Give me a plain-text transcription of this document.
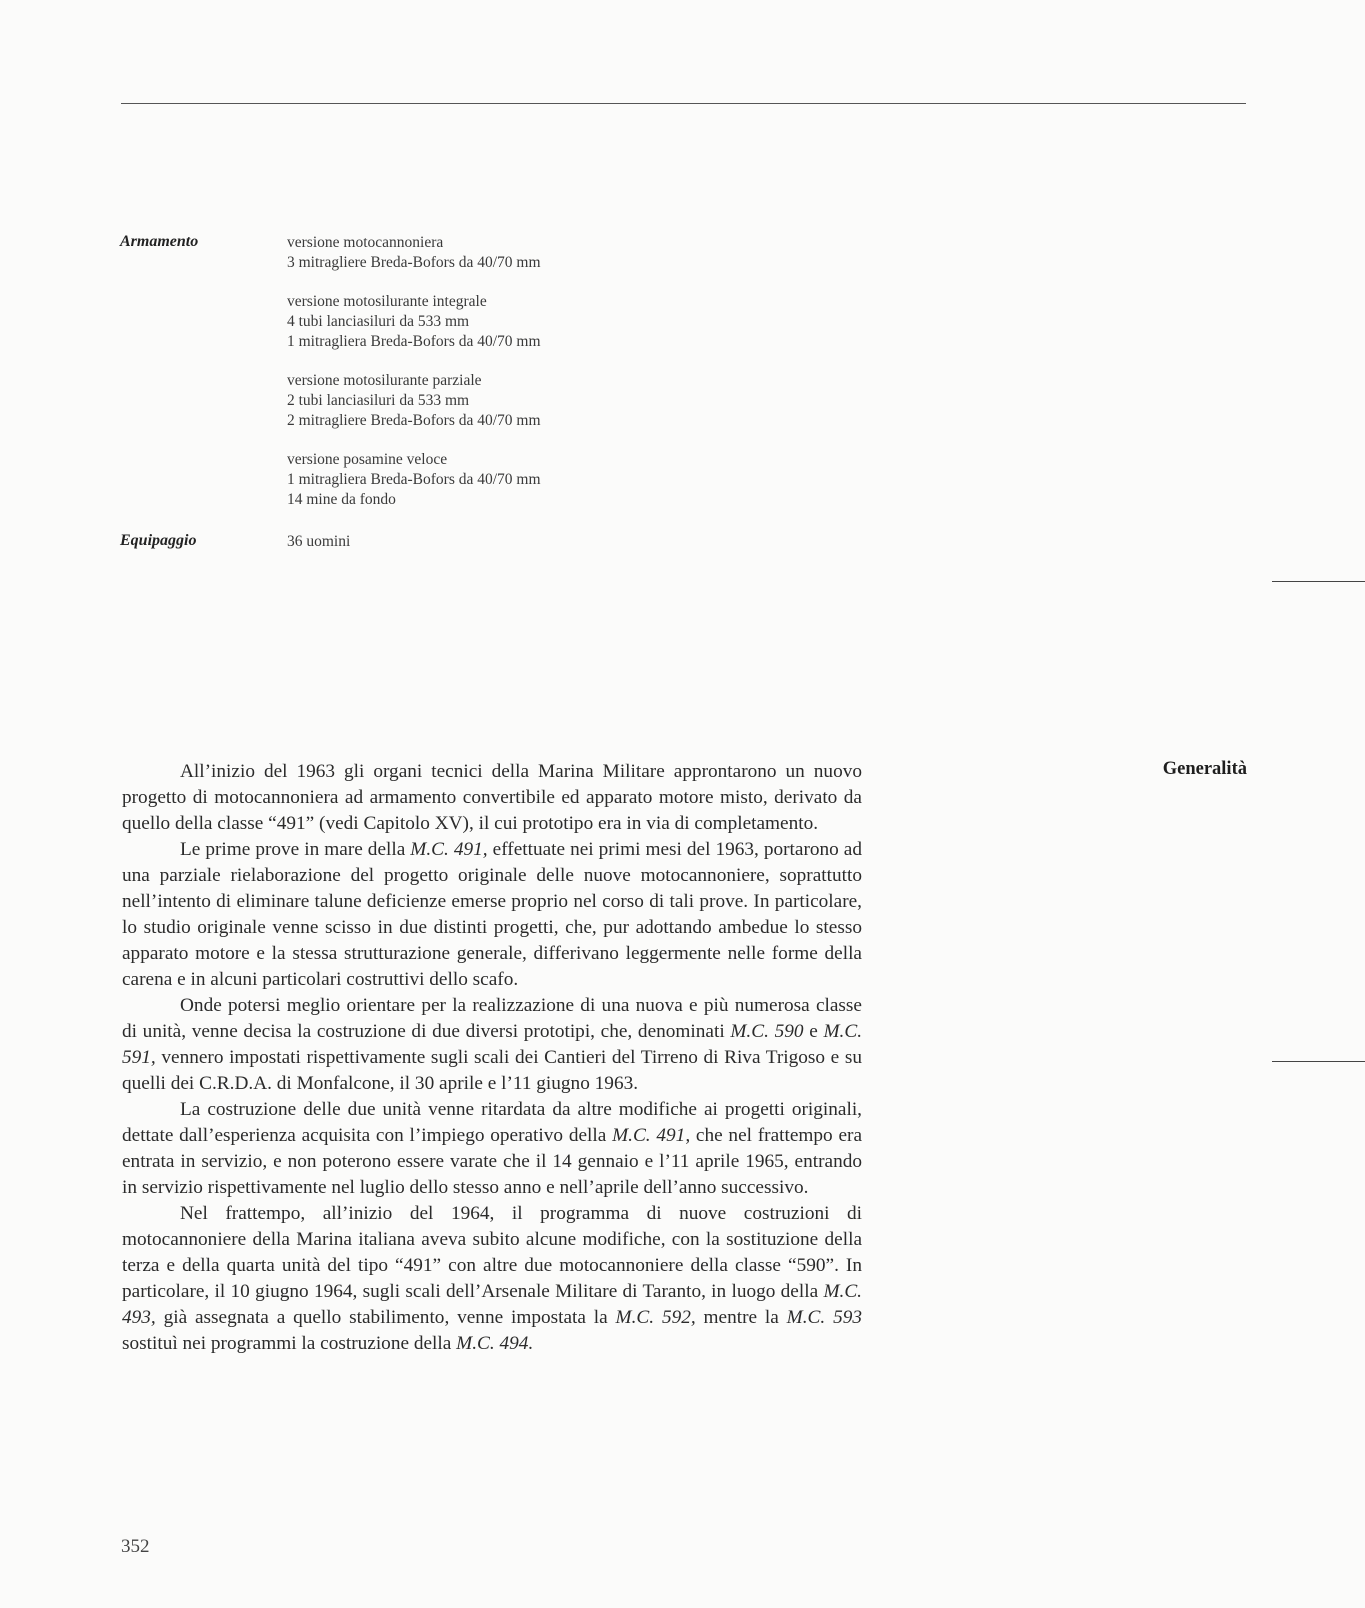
Armamento	versione motocannoniera
3 mitragliere Breda-Bofors da 40/70 mm
versione motosilurante integrale
4 tubi lanciasiluri da 533 mm
1 mitragliera Breda-Bofors da 40/70 mm
versione motosilurante parziale
2 tubi lanciasiluri da 533 mm
2 mitragliere Breda-Bofors da 40/70 mm
versione posamine veloce
1 mitragliera Breda-Bofors da 40/70 mm
14 mine da fondo
Equipaggio	36 uomini
Generalità

All’inizio del 1963 gli organi tecnici della Marina Militare approntarono un nuovo progetto di motocannoniera ad armamento convertibile ed apparato motore misto, derivato da quello della classe “491” (vedi Capitolo XV), il cui prototipo era in via di completamento.

Le prime prove in mare della M.C. 491, effettuate nei primi mesi del 1963, portarono ad una parziale rielaborazione del progetto originale delle nuove motocannoniere, soprattutto nell’intento di eliminare talune deficienze emerse proprio nel corso di tali prove. In particolare, lo studio originale venne scisso in due distinti progetti, che, pur adottando ambedue lo stesso apparato motore e la stessa strutturazione generale, differivano leggermente nelle forme della carena e in alcuni particolari costruttivi dello scafo.

Onde potersi meglio orientare per la realizzazione di una nuova e più numerosa classe di unità, venne decisa la costruzione di due diversi prototipi, che, denominati M.C. 590 e M.C. 591, vennero impostati rispettivamente sugli scali dei Cantieri del Tirreno di Riva Trigoso e su quelli dei C.R.D.A. di Monfalcone, il 30 aprile e l’11 giugno 1963.

La costruzione delle due unità venne ritardata da altre modifiche ai progetti originali, dettate dall’esperienza acquisita con l’impiego operativo della M.C. 491, che nel frattempo era entrata in servizio, e non poterono essere varate che il 14 gennaio e l’11 aprile 1965, entrando in servizio rispettivamente nel luglio dello stesso anno e nell’aprile dell’anno successivo.

Nel frattempo, all’inizio del 1964, il programma di nuove costruzioni di motocannoniere della Marina italiana aveva subito alcune modifiche, con la sostituzione della terza e della quarta unità del tipo “491” con altre due motocannoniere della classe “590”. In particolare, il 10 giugno 1964, sugli scali dell’Arsenale Militare di Taranto, in luogo della M.C. 493, già assegnata a quello stabilimento, venne impostata la M.C. 592, mentre la M.C. 593 sostituì nei programmi la costruzione della M.C. 494.

352
